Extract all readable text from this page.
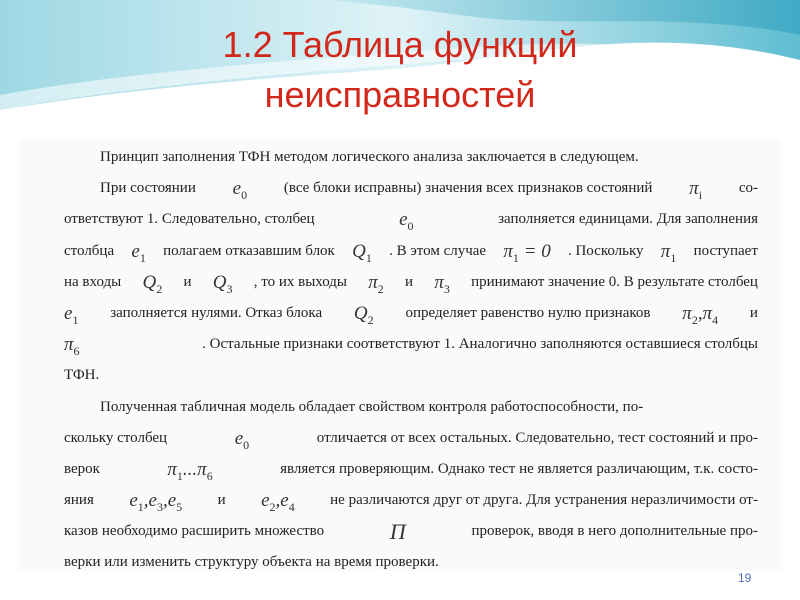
1.2 Таблица функций
неисправностей
Принцип заполнения ТФН методом логического анализа заключается в следующем.
При состоянии $e_0$ (все блоки исправны) значения всех признаков состояний $\pi_i$ со-
ответствуют 1. Следовательно, столбец	$e_0$	заполняется единицами. Для заполнения
столбца $e_1$ полагаем отказавшим блок $Q_1$ . В этом случае $\pi_1 = 0$ . Поскольку $\pi_1$ поступает
на входы $Q_2$ и $Q_3$ , то их выходы $\pi_2$ и $\pi_3$ принимают значение 0. В результате столбец
$e_1$ заполняется нулями. Отказ блока $Q_2$ определяет равенство нулю признаков $\pi_2,\pi_4$ и
$\pi_6$	. Остальные признаки соответствуют 1. Аналогично заполняются оставшиеся столбцы
ТФН.
Полученная табличная модель обладает свойством контроля работоспособности, по-
скольку столбец	$e_0$	отличается от всех остальных. Следовательно, тест состояний и про-
верок	$\pi_1...\pi_6$	является проверяющим. Однако тест не является различающим, т.к. состо-
яния $e_1,e_3,e_5$ и $e_2,e_4$ не различаются друг от друга. Для устранения неразличимости от-
казов необходимо расширить множество	Π	проверок, вводя в него дополнительные про-
верки или изменить структуру объекта на время проверки.
19
